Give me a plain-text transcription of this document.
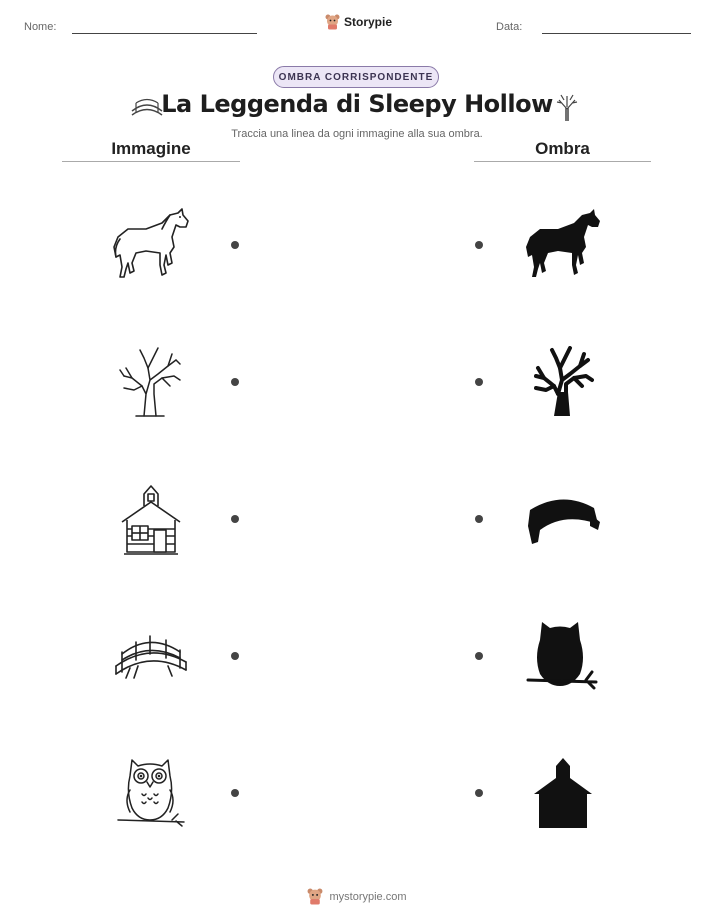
Nome:	Storypie	Data:
OMBRA CORRISPONDENTE
La Leggenda di Sleepy Hollow
Traccia una linea da ogni immagine alla sua ombra.
Immagine	Ombra
mystorypie.com
